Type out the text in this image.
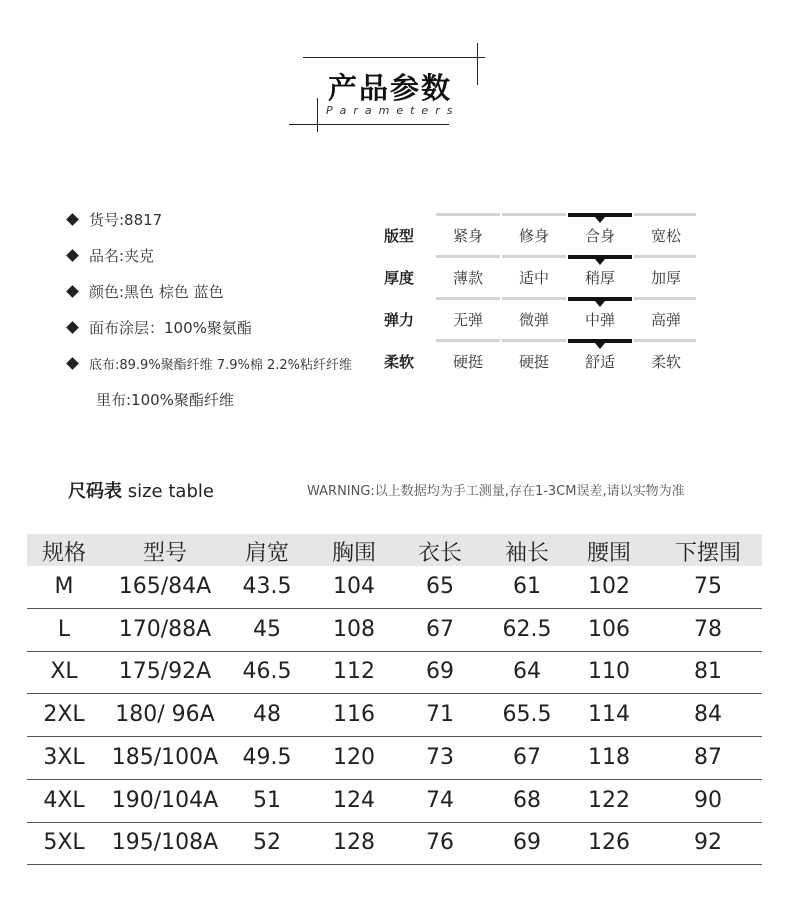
产品参数
Parameters
货号:8817
品名:夹克
颜色:黑色 棕色 蓝色
面布涂层：100%聚氨酯
底布:89.9%聚酯纤维 7.9%棉 2.2%粘纤纤维
里布:100%聚酯纤维
版型	紧身	修身	合身	宽松
厚度	薄款	适中	稍厚	加厚
弹力	无弹	微弹	中弹	高弹
柔软	硬挺	硬挺	舒适	柔软
尺码表 size table	WARNING:以上数据均为手工测量,存在1-3CM误差,请以实物为准
规格	型号	肩宽	胸围	衣长	袖长	腰围	下摆围
M	165/84A	43.5	104	65	61	102	75
L	170/88A	45	108	67	62.5	106	78
XL	175/92A	46.5	112	69	64	110	81
2XL	180/ 96A	48	116	71	65.5	114	84
3XL	185/100A	49.5	120	73	67	118	87
4XL	190/104A	51	124	74	68	122	90
5XL	195/108A	52	128	76	69	126	92
